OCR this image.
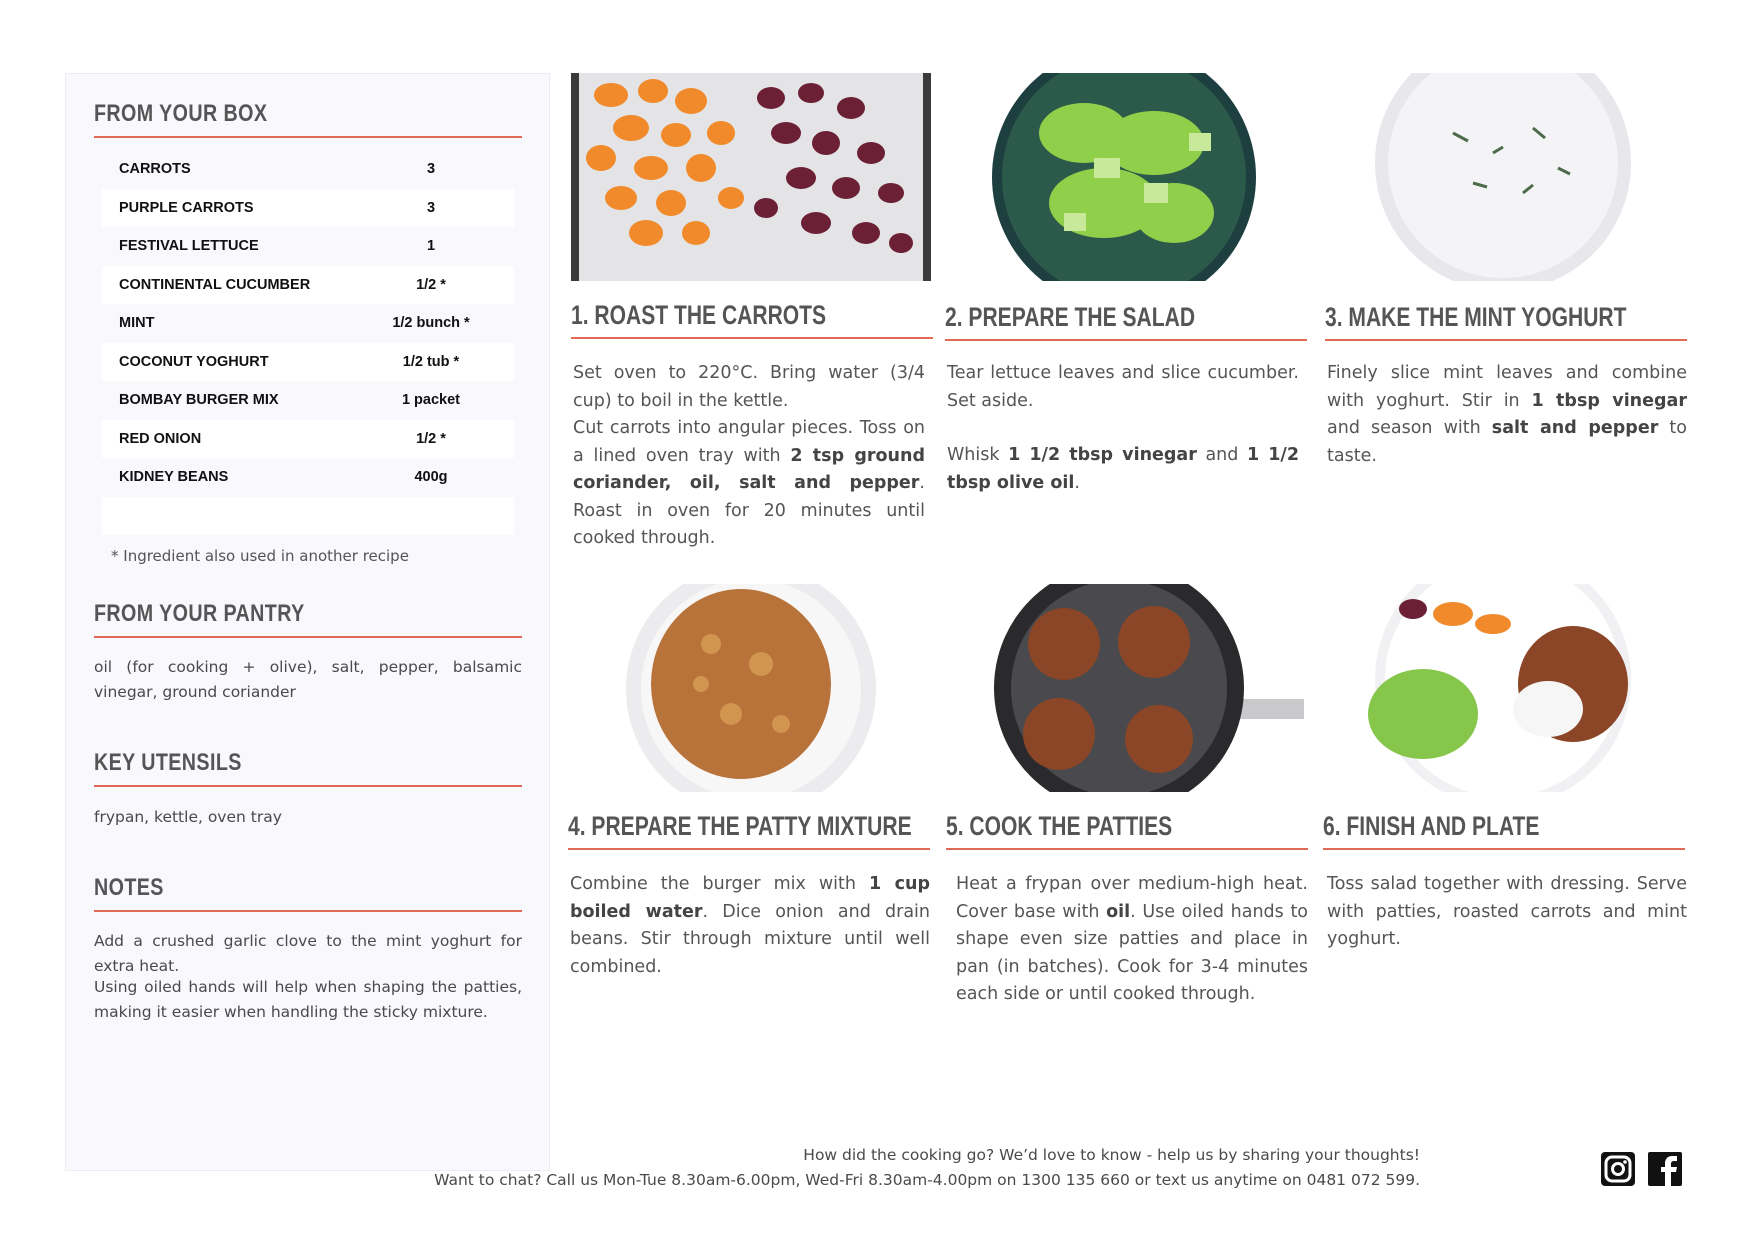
FROM YOUR BOX
CARROTS	3
PURPLE CARROTS	3
FESTIVAL LETTUCE	1
CONTINENTAL CUCUMBER	1/2 *
MINT	1/2 bunch *
COCONUT YOGHURT	1/2 tub *
BOMBAY BURGER MIX	1 packet
RED ONION	1/2 *
KIDNEY BEANS	400g
* Ingredient also used in another recipe
FROM YOUR PANTRY
oil (for cooking + olive), salt, pepper, balsamic vinegar, ground coriander
KEY UTENSILS
frypan, kettle, oven tray
NOTES
Add a crushed garlic clove to the mint yoghurt for extra heat.
Using oiled hands will help when shaping the patties, making it easier when handling the sticky mixture.
1. ROAST THE CARROTS	2. PREPARE THE SALAD	3. MAKE THE MINT YOGHURT
4. PREPARE THE PATTY MIXTURE	5. COOK THE PATTIES	6. FINISH AND PLATE
Set oven to 220°C. Bring water (3/4 cup) to boil in the kettle.
Cut carrots into angular pieces. Toss on a lined oven tray with 2 tsp ground coriander, oil, salt and pepper. Roast in oven for 20 minutes until cooked through.
Tear lettuce leaves and slice cucumber. Set aside.
Whisk 1 1/2 tbsp vinegar and 1 1/2 tbsp olive oil.
Finely slice mint leaves and combine with yoghurt. Stir in 1 tbsp vinegar and season with salt and pepper to taste.
Combine the burger mix with 1 cup boiled water. Dice onion and drain beans. Stir through mixture until well combined.
Heat a frypan over medium-high heat. Cover base with oil. Use oiled hands to shape even size patties and place in pan (in batches). Cook for 3-4 minutes each side or until cooked through.
Toss salad together with dressing. Serve with patties, roasted carrots and mint yoghurt.
How did the cooking go? We’d love to know - help us by sharing your thoughts!
Want to chat? Call us Mon-Tue 8.30am-6.00pm, Wed-Fri 8.30am-4.00pm on 1300 135 660 or text us anytime on 0481 072 599.
